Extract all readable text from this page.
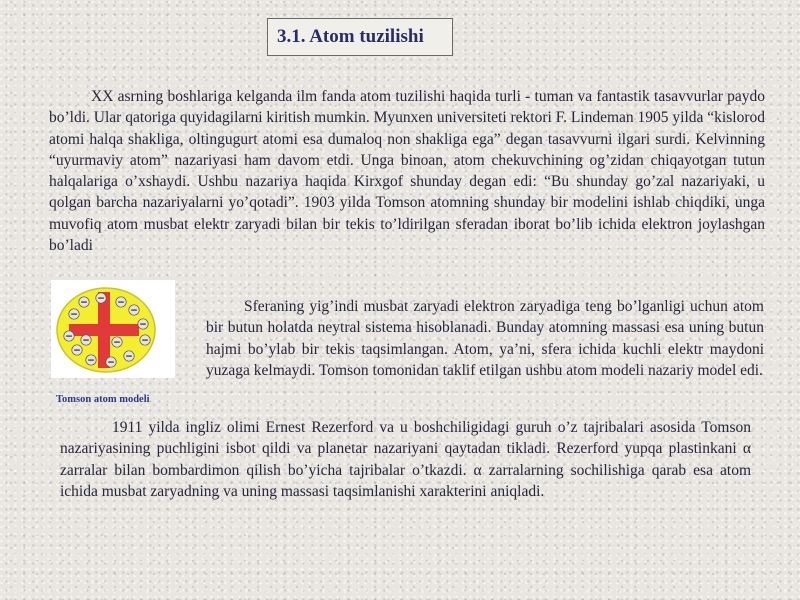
3.1. Atom tuzilishi

XX asrning boshlariga kelganda ilm fanda atom tuzilishi haqida turli - tuman va fantastik tasavvurlar paydo bo’ldi. Ular qatoriga quyidagilarni kiritish mumkin. Myunxen universiteti rektori F. Lindeman 1905 yilda “kislorod atomi halqa shakliga, oltingugurt atomi esa dumaloq non shakliga ega” degan tasavvurni ilgari surdi. Kelvinning “uyurmaviy atom” nazariyasi ham davom etdi. Unga binoan, atom chekuvchining og’zidan chiqayotgan tutun halqalariga o’xshaydi. Ushbu nazariya haqida Kirxgof shunday degan edi: “Bu shunday go’zal nazariyaki, u qolgan barcha nazariyalarni yo’qotadi”. 1903 yilda Tomson atomning shunday bir modelini ishlab chiqdiki, unga muvofiq atom musbat elektr zaryadi bilan bir tekis to’ldirilgan sferadan iborat bo’lib ichida elektron joylashgan bo’ladi

− − −
−
−
−
−	−
−
− −
−
−
−
Tomson atom modeli

Sferaning yig’indi musbat zaryadi elektron zaryadiga teng bo’lganligi uchun atom bir butun holatda neytral sistema hisoblanadi. Bunday atomning massasi esa uning butun hajmi bo’ylab bir tekis taqsimlangan. Atom, ya’ni, sfera ichida kuchli elektr maydoni yuzaga kelmaydi. Tomson tomonidan taklif etilgan ushbu atom modeli nazariy model edi.

1911 yilda ingliz olimi Ernest Rezerford va u boshchiligidagi guruh o’z tajribalari asosida Tomson nazariyasining puchligini isbot qildi va planetar nazariyani qaytadan tikladi. Rezerford yupqa plastinkani α zarralar bilan bombardimon qilish bo’yicha tajribalar o’tkazdi. α zarralarning sochilishiga qarab esa atom ichida musbat zaryadning va uning massasi taqsimlanishi xarakterini aniqladi.
